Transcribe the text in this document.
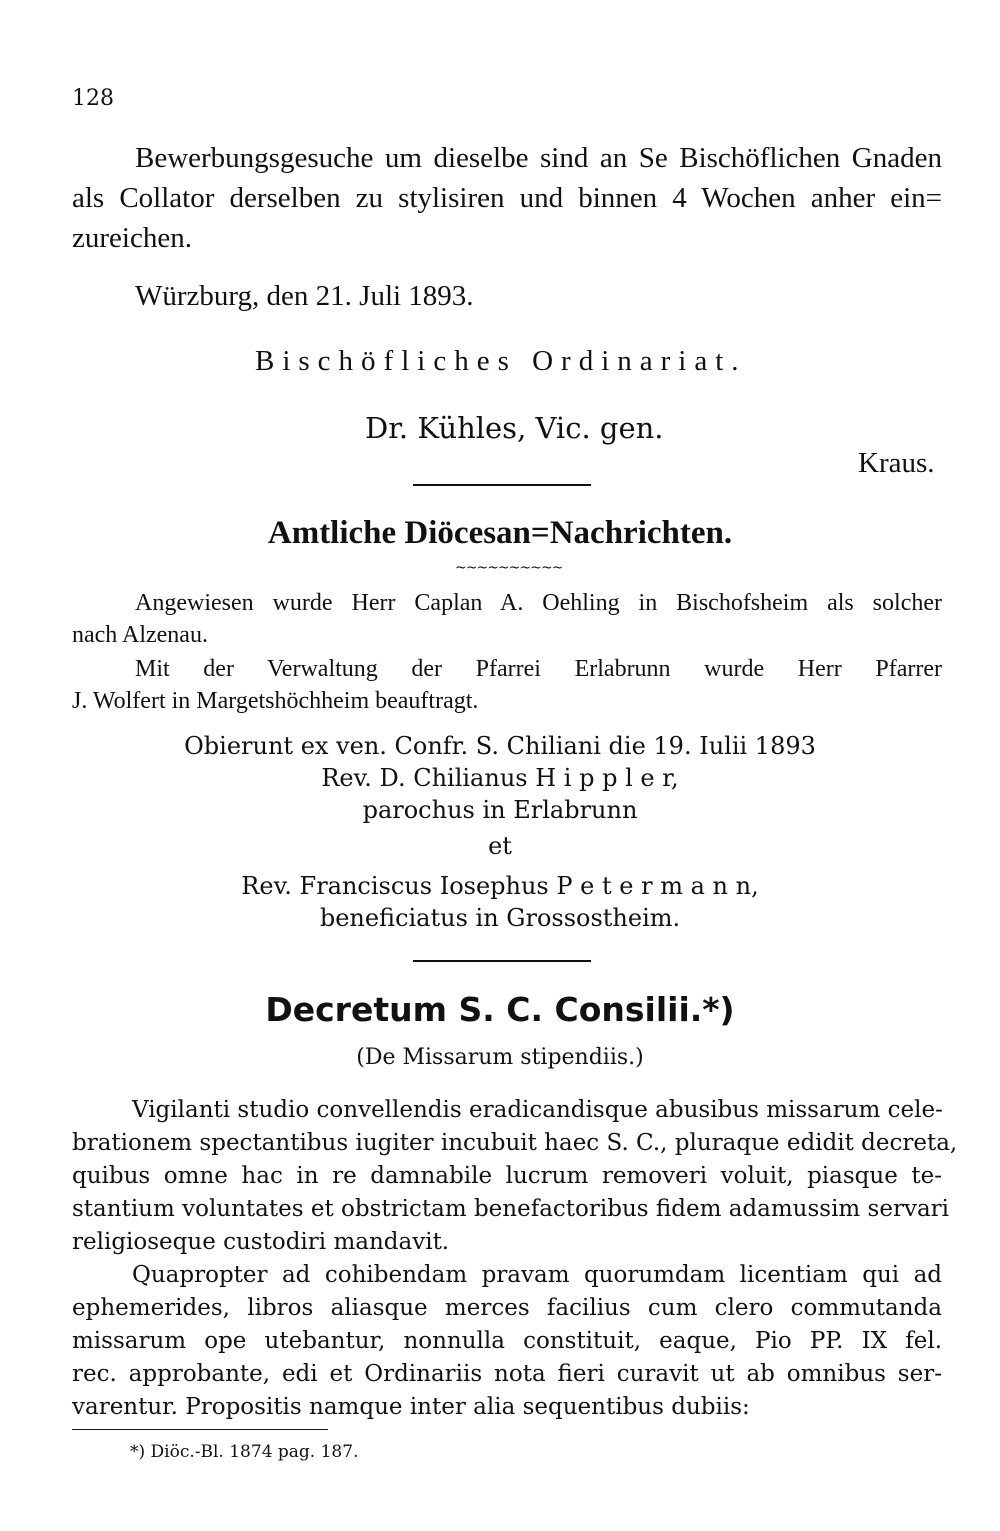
128
Bewerbungsgesuche um dieselbe sind an Se Bischöflichen Gnaden
als Collator derselben zu stylisiren und binnen 4 Wochen anher ein=
zureichen.
Würzburg, den 21. Juli 1893.
Bischöfliches Ordinariat.
Dr. Kühles, Vic. gen.
Kraus.
Amtliche Diöcesan=Nachrichten.
~~~~~~~~~~
Angewiesen wurde Herr Caplan A. Oehling in Bischofsheim als solcher
nach Alzenau.
Mit der Verwaltung der Pfarrei Erlabrunn wurde Herr Pfarrer
J. Wolfert in Margetshöchheim beauftragt.
Obierunt ex ven. Confr. S. Chiliani die 19. Iulii 1893
Rev. D. Chilianus H i p p l e r,
parochus in Erlabrunn
et
Rev. Franciscus Iosephus P e t e r m a n n,
beneficiatus in Grossostheim.
Decretum S. C. Consilii.*)
(De Missarum stipendiis.)
Vigilanti studio convellendis eradicandisque abusibus missarum cele-
brationem spectantibus iugiter incubuit haec S. C., pluraque edidit decreta,
quibus omne hac in re damnabile lucrum removeri voluit, piasque te-
stantium voluntates et obstrictam benefactoribus fidem adamussim servari
religioseque custodiri mandavit.
Quapropter ad cohibendam pravam quorumdam licentiam qui ad
ephemerides, libros aliasque merces facilius cum clero commutanda
missarum ope utebantur, nonnulla constituit, eaque, Pio PP. IX fel.
rec. approbante, edi et Ordinariis nota fieri curavit ut ab omnibus ser-
varentur. Propositis namque inter alia sequentibus dubiis:
*) Diöc.-Bl. 1874 pag. 187.
